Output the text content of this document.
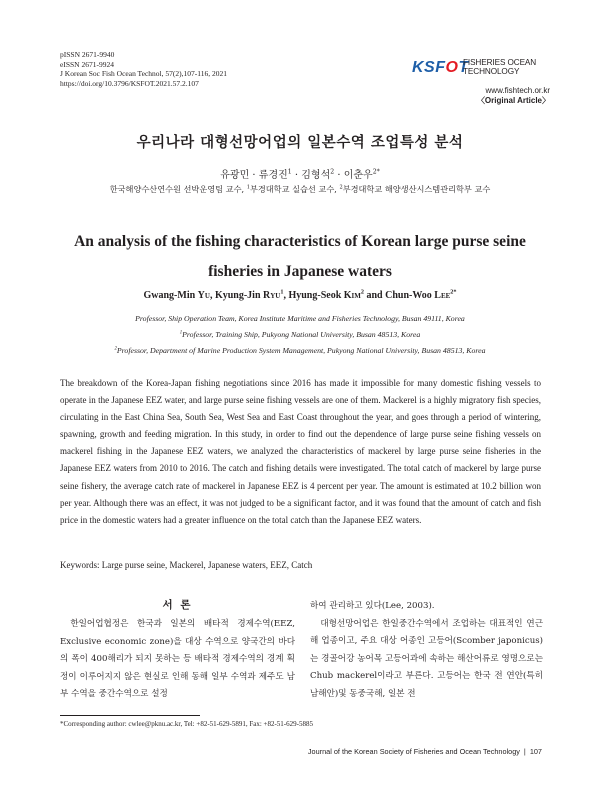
pISSN 2671-9940
eISSN 2671-9924
J Korean Soc Fish Ocean Technol, 57(2),107-116, 2021
https://doi.org/10.3796/KSFOT.2021.57.2.107
KSFOT
FISHERIES OCEAN
TECHNOLOGY
www.fishtech.or.kr
〈Original Article〉
우리나라 대형선망어업의 일본수역 조업특성 분석
유광민 · 류경진$^1$ · 김형석$^2$ · 이춘우$^{2*}$
한국해양수산연수원 선박운영팀 교수, $^1$부경대학교 실습선 교수, $^2$부경대학교 해양생산시스템관리학부 교수
An analysis of the fishing characteristics of Korean large purse seine fisheries in Japanese waters
Gwang-Min Yu, Kyung-Jin Ryu$^1$, Hyung-Seok Kim$^2$ and Chun-Woo Lee$^{2*}$
Professor, Ship Operation Team, Korea Institute Maritime and Fisheries Technology, Busan 49111, Korea
$^1$Professor, Training Ship, Pukyong National University, Busan 48513, Korea
$^2$Professor, Department of Marine Production System Management, Pukyong National University, Busan 48513, Korea

The breakdown of the Korea-Japan fishing negotiations since 2016 has made it impossible for many domestic fishing vessels to operate in the Japanese EEZ water, and large purse seine fishing vessels are one of them. Mackerel is a highly migratory fish species, circulating in the East China Sea, South Sea, West Sea and East Coast throughout the year, and goes through a period of wintering, spawning, growth and feeding migration. In this study, in order to find out the dependence of large purse seine fishing vessels on mackerel fishing in the Japanese EEZ waters, we analyzed the characteristics of mackerel by large purse seine fisheries in the Japanese EEZ waters from 2010 to 2016. The catch and fishing details were investigated. The total catch of mackerel by large purse seine fishery, the average catch rate of mackerel in Japanese EEZ is 4 percent per year. The amount is estimated at 10.2 billion won per year. Although there was an effect, it was not judged to be a significant factor, and it was found that the amount of catch and fish price in the domestic waters had a greater influence on the total catch than the Japanese EEZ waters.

Keywords: Large purse seine, Mackerel, Japanese waters, EEZ, Catch
서 론

한일어업협정은 한국과 일본의 배타적 경제수역(EEZ, Exclusive economic zone)을 대상 수역으로 양국간의 바다의 폭이 400해리가 되지 못하는 등 배타적 경제수역의 경계 획정이 이루어지지 않은 현실로 인해 동해 일부 수역과 제주도 남부 수역을 중간수역으로 설정

하여 관리하고 있다(Lee, 2003).

대형선망어업은 한일중간수역에서 조업하는 대표적인 연근해 업종이고, 주요 대상 어종인 고등어(Scomber japonicus)는 경골어강 농어목 고등어과에 속하는 해산어류로 영명으로는 Chub mackerel이라고 부른다. 고등어는 한국 전 연안(특히 남해안)및 동중국해, 일본 전

*Corresponding author: cwlee@pknu.ac.kr, Tel: +82-51-629-5891, Fax: +82-51-629-5885
Journal of the Korean Society of Fisheries and Ocean Technology | 107
